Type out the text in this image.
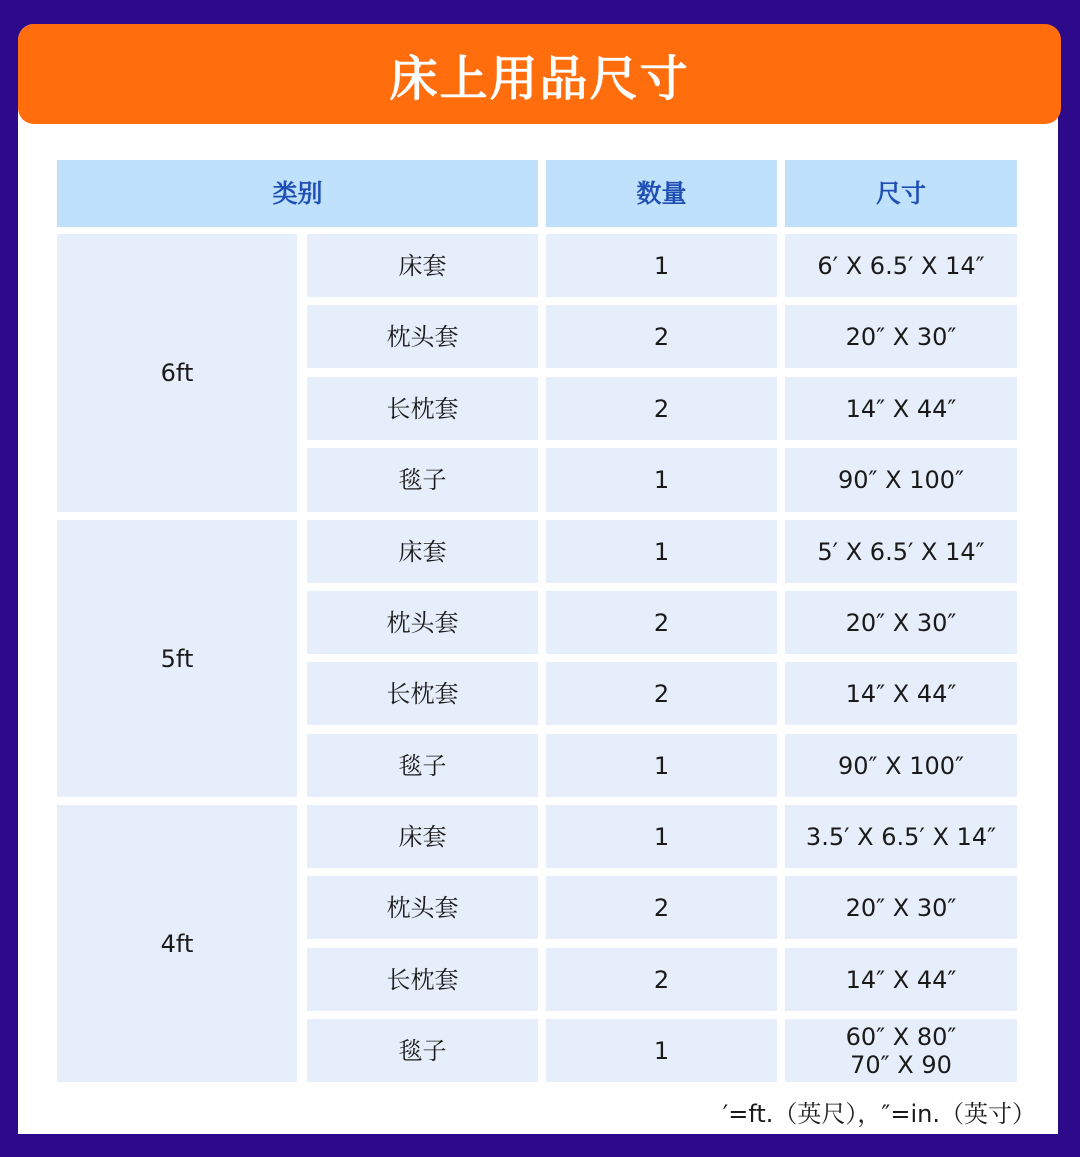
床上用品尺寸
类别	数量	尺寸
6ft
床套	1	6′ X 6.5′ X 14″
枕头套	2	20″ X 30″
长枕套	2	14″ X 44″
毯子	1	90″ X 100″
5ft
床套	1	5′ X 6.5′ X 14″
枕头套	2	20″ X 30″
长枕套	2	14″ X 44″
毯子	1	90″ X 100″
4ft
床套	1	3.5′ X 6.5′ X 14″
枕头套	2	20″ X 30″
长枕套	2	14″ X 44″
毯子	1	60″ X 80″
70″ X 90
′=ft.（英尺），″=in.（英寸）
